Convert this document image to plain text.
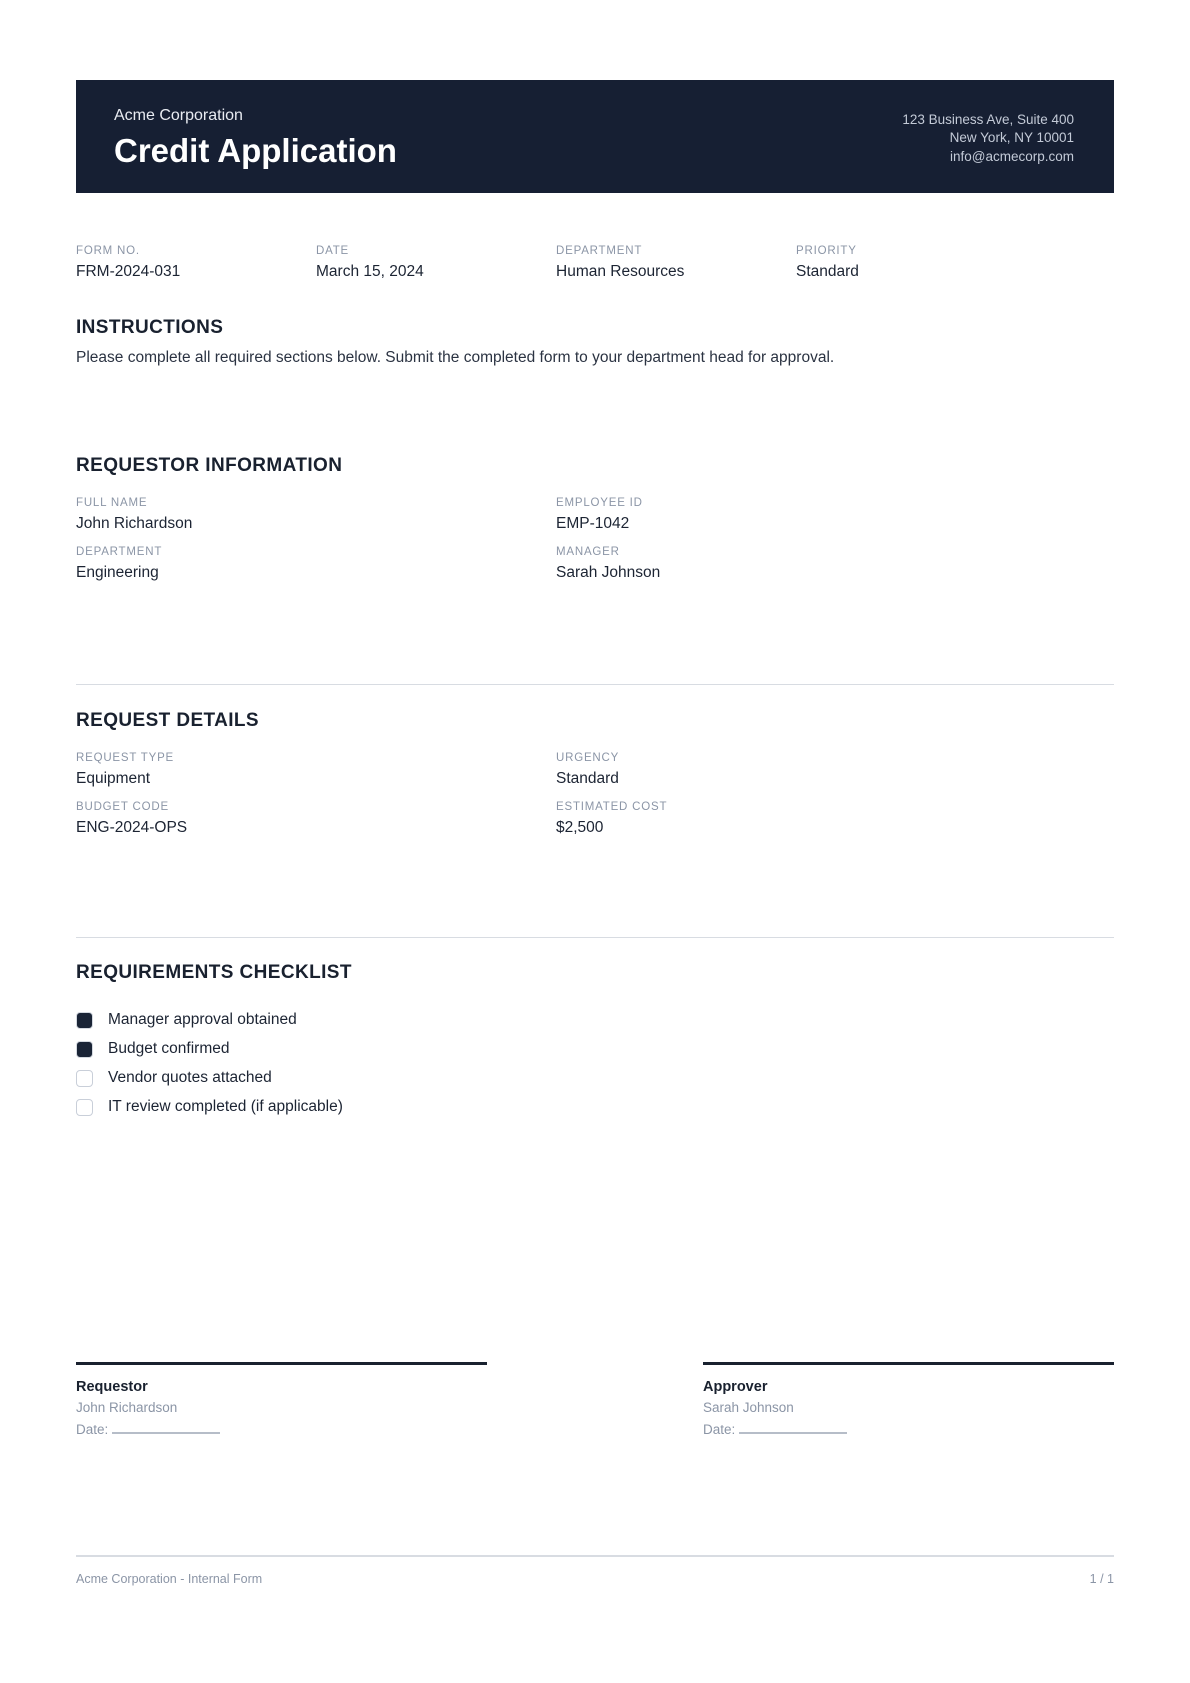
Acme Corporation
Credit Application
123 Business Ave, Suite 400
New York, NY 10001
info@acmecorp.com
FORM NO.
FRM-2024-031
DATE
March 15, 2024
DEPARTMENT
Human Resources
PRIORITY
Standard
INSTRUCTIONS

Please complete all required sections below. Submit the completed form to your department head for approval.

REQUESTOR INFORMATION
FULL NAME
John Richardson
EMPLOYEE ID
EMP-1042
DEPARTMENT
Engineering
MANAGER
Sarah Johnson
REQUEST DETAILS
REQUEST TYPE
Equipment
URGENCY
Standard
BUDGET CODE
ENG-2024-OPS
ESTIMATED COST
$2,500
REQUIREMENTS CHECKLIST
Manager approval obtained
Budget confirmed
Vendor quotes attached
IT review completed (if applicable)
Requestor
John Richardson
Date:
Approver
Sarah Johnson
Date:
Acme Corporation - Internal Form	1 / 1
